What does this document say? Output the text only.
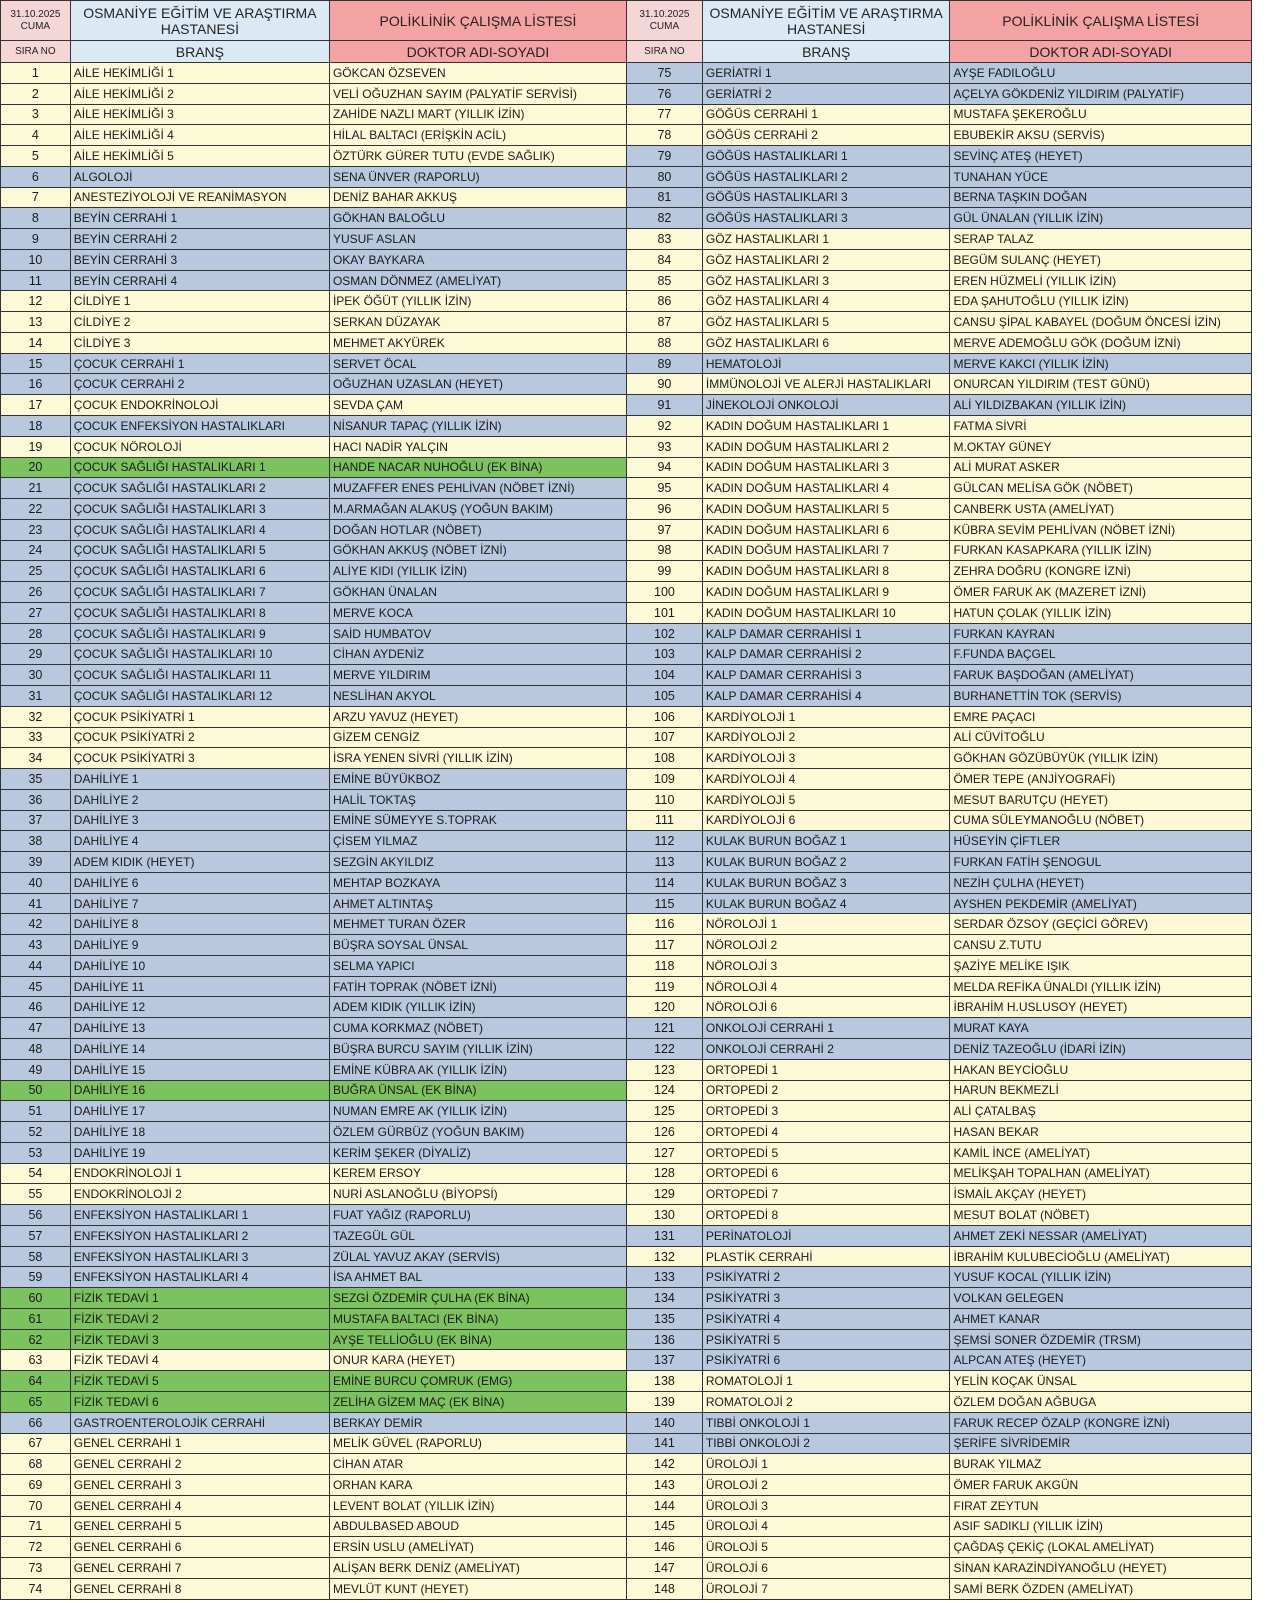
31.10.2025
CUMA
OSMANİYE EĞİTİM VE ARAŞTIRMA HASTANESİ	POLİKLİNİK ÇALIŞMA LİSTESİ
SIRA NO	BRANŞ	DOKTOR ADI-SOYADI
1	AİLE HEKİMLİĞİ 1	GÖKCAN ÖZSEVEN
2	AİLE HEKİMLİĞİ 2	VELİ OĞUZHAN SAYIM (PALYATİF SERVİSİ)
3	AİLE HEKİMLİĞİ 3	ZAHİDE NAZLI MART (YILLIK İZİN)
4	AİLE HEKİMLİĞİ 4	HİLAL BALTACI (ERİŞKİN ACİL)
5	AİLE HEKİMLİĞİ 5	ÖZTÜRK GÜRER TUTU (EVDE SAĞLIK)
6	ALGOLOJİ	SENA ÜNVER (RAPORLU)
7	ANESTEZİYOLOJİ VE REANİMASYON	DENİZ BAHAR AKKUŞ
8	BEYİN CERRAHİ 1	GÖKHAN BALOĞLU
9	BEYİN CERRAHİ 2	YUSUF ASLAN
10	BEYİN CERRAHİ 3	OKAY BAYKARA
11	BEYİN CERRAHİ 4	OSMAN DÖNMEZ (AMELİYAT)
12	CİLDİYE 1	İPEK ÖĞÜT (YILLIK İZİN)
13	CİLDİYE 2	SERKAN DÜZAYAK
14	CİLDİYE 3	MEHMET AKYÜREK
15	ÇOCUK CERRAHİ 1	SERVET ÖCAL
16	ÇOCUK CERRAHİ 2	OĞUZHAN UZASLAN (HEYET)
17	ÇOCUK ENDOKRİNOLOJİ	SEVDA ÇAM
18	ÇOCUK ENFEKSİYON HASTALIKLARI	NİSANUR TAPAÇ (YILLIK İZİN)
19	ÇOCUK NÖROLOJİ	HACI NADİR YALÇIN
20	ÇOCUK SAĞLIĞI HASTALIKLARI 1	HANDE NACAR NUHOĞLU (EK BİNA)
21	ÇOCUK SAĞLIĞI HASTALIKLARI 2	MUZAFFER ENES PEHLİVAN (NÖBET İZNİ)
22	ÇOCUK SAĞLIĞI HASTALIKLARI 3	M.ARMAĞAN ALAKUŞ (YOĞUN BAKIM)
23	ÇOCUK SAĞLIĞI HASTALIKLARI 4	DOĞAN HOTLAR (NÖBET)
24	ÇOCUK SAĞLIĞI HASTALIKLARI 5	GÖKHAN AKKUŞ (NÖBET İZNİ)
25	ÇOCUK SAĞLIĞI HASTALIKLARI 6	ALİYE KIDI (YILLIK İZİN)
26	ÇOCUK SAĞLIĞI HASTALIKLARI 7	GÖKHAN ÜNALAN
27	ÇOCUK SAĞLIĞI HASTALIKLARI 8	MERVE KOCA
28	ÇOCUK SAĞLIĞI HASTALIKLARI 9	SAİD HUMBATOV
29	ÇOCUK SAĞLIĞI HASTALIKLARI 10	CİHAN AYDENİZ
30	ÇOCUK SAĞLIĞI HASTALIKLARI 11	MERVE YILDIRIM
31	ÇOCUK SAĞLIĞI HASTALIKLARI 12	NESLİHAN AKYOL
32	ÇOCUK PSİKİYATRİ 1	ARZU YAVUZ (HEYET)
33	ÇOCUK PSİKİYATRİ 2	GİZEM CENGİZ
34	ÇOCUK PSİKİYATRİ 3	İSRA YENEN SİVRİ (YILLIK İZİN)
35	DAHİLİYE 1	EMİNE BÜYÜKBOZ
36	DAHİLİYE 2	HALİL TOKTAŞ
37	DAHİLİYE 3	EMİNE SÜMEYYE S.TOPRAK
38	DAHİLİYE 4	ÇİSEM YILMAZ
39	ADEM KIDIK (HEYET)	SEZGİN AKYILDIZ
40	DAHİLİYE 6	MEHTAP BOZKAYA
41	DAHİLİYE 7	AHMET ALTINTAŞ
42	DAHİLİYE 8	MEHMET TURAN ÖZER
43	DAHİLİYE 9	BÜŞRA SOYSAL ÜNSAL
44	DAHİLİYE 10	SELMA YAPICI
45	DAHİLİYE 11	FATİH TOPRAK (NÖBET İZNİ)
46	DAHİLİYE 12	ADEM KIDIK (YILLIK İZİN)
47	DAHİLİYE 13	CUMA KORKMAZ (NÖBET)
48	DAHİLİYE 14	BÜŞRA BURCU SAYIM (YILLIK İZİN)
49	DAHİLİYE 15	EMİNE KÜBRA AK (YILLIK İZİN)
50	DAHİLİYE 16	BUĞRA ÜNSAL (EK BİNA)
51	DAHİLİYE 17	NUMAN EMRE AK (YILLIK İZİN)
52	DAHİLİYE 18	ÖZLEM GÜRBÜZ (YOĞUN BAKIM)
53	DAHİLİYE 19	KERİM ŞEKER (DİYALİZ)
54	ENDOKRİNOLOJİ 1	KEREM ERSOY
55	ENDOKRİNOLOJİ 2	NURİ ASLANOĞLU (BİYOPSİ)
56	ENFEKSİYON HASTALIKLARI 1	FUAT YAĞIZ (RAPORLU)
57	ENFEKSİYON HASTALIKLARI 2	TAZEGÜL GÜL
58	ENFEKSİYON HASTALIKLARI 3	ZÜLAL YAVUZ AKAY (SERVİS)
59	ENFEKSİYON HASTALIKLARI 4	İSA AHMET BAL
60	FİZİK TEDAVİ 1	SEZGİ ÖZDEMİR ÇULHA (EK BİNA)
61	FİZİK TEDAVİ 2	MUSTAFA BALTACI (EK BİNA)
62	FİZİK TEDAVİ 3	AYŞE TELLİOĞLU (EK BİNA)
63	FİZİK TEDAVİ 4	ONUR KARA (HEYET)
64	FİZİK TEDAVİ 5	EMİNE BURCU ÇOMRUK (EMG)
65	FİZİK TEDAVİ 6	ZELİHA GİZEM MAÇ (EK BİNA)
66	GASTROENTEROLOJİK CERRAHİ	BERKAY DEMİR
67	GENEL CERRAHİ 1	MELİK GÜVEL (RAPORLU)
68	GENEL CERRAHİ 2	CİHAN ATAR
69	GENEL CERRAHİ 3	ORHAN KARA
70	GENEL CERRAHİ 4	LEVENT BOLAT (YILLIK İZİN)
71	GENEL CERRAHİ 5	ABDULBASED ABOUD
72	GENEL CERRAHİ 6	ERSİN USLU (AMELİYAT)
73	GENEL CERRAHİ 7	ALİŞAN BERK DENİZ (AMELİYAT)
74	GENEL CERRAHİ 8	MEVLÜT KUNT (HEYET)
31.10.2025
CUMA
OSMANİYE EĞİTİM VE ARAŞTIRMA HASTANESİ	POLİKLİNİK ÇALIŞMA LİSTESİ
SIRA NO	BRANŞ	DOKTOR ADI-SOYADI
75	GERİATRİ 1	AYŞE FADILOĞLU
76	GERİATRİ 2	AÇELYA GÖKDENİZ YILDIRIM (PALYATİF)
77	GÖĞÜS CERRAHİ 1	MUSTAFA ŞEKEROĞLU
78	GÖĞÜS CERRAHİ 2	EBUBEKİR AKSU (SERVİS)
79	GÖĞÜS HASTALIKLARI 1	SEVİNÇ ATEŞ (HEYET)
80	GÖĞÜS HASTALIKLARI 2	TUNAHAN YÜCE
81	GÖĞÜS HASTALIKLARI 3	BERNA TAŞKIN DOĞAN
82	GÖĞÜS HASTALIKLARI 3	GÜL ÜNALAN (YILLIK İZİN)
83	GÖZ HASTALIKLARI 1	SERAP TALAZ
84	GÖZ HASTALIKLARI 2	BEGÜM SULANÇ (HEYET)
85	GÖZ HASTALIKLARI 3	EREN HÜZMELİ (YILLIK İZİN)
86	GÖZ HASTALIKLARI 4	EDA ŞAHUTOĞLU (YILLIK İZİN)
87	GÖZ HASTALIKLARI 5	CANSU ŞİPAL KABAYEL (DOĞUM ÖNCESİ İZİN)
88	GÖZ HASTALIKLARI 6	MERVE ADEMOĞLU GÖK (DOĞUM İZNİ)
89	HEMATOLOJİ	MERVE KAKCI (YILLIK İZİN)
90	İMMÜNOLOJİ VE ALERJİ HASTALIKLARI	ONURCAN YILDIRIM (TEST GÜNÜ)
91	JİNEKOLOJİ ONKOLOJİ	ALİ YILDIZBAKAN (YILLIK İZİN)
92	KADIN DOĞUM HASTALIKLARI 1	FATMA SİVRİ
93	KADIN DOĞUM HASTALIKLARI 2	M.OKTAY GÜNEY
94	KADIN DOĞUM HASTALIKLARI 3	ALİ MURAT ASKER
95	KADIN DOĞUM HASTALIKLARI 4	GÜLCAN MELİSA GÖK (NÖBET)
96	KADIN DOĞUM HASTALIKLARI 5	CANBERK USTA (AMELİYAT)
97	KADIN DOĞUM HASTALIKLARI 6	KÜBRA SEVİM PEHLİVAN (NÖBET İZNİ)
98	KADIN DOĞUM HASTALIKLARI 7	FURKAN KASAPKARA (YILLIK İZİN)
99	KADIN DOĞUM HASTALIKLARI 8	ZEHRA DOĞRU (KONGRE İZNİ)
100	KADIN DOĞUM HASTALIKLARI 9	ÖMER FARUK AK (MAZERET İZNİ)
101	KADIN DOĞUM HASTALIKLARI 10	HATUN ÇOLAK (YILLIK İZİN)
102	KALP DAMAR CERRAHİSİ 1	FURKAN KAYRAN
103	KALP DAMAR CERRAHİSİ 2	F.FUNDA BAÇGEL
104	KALP DAMAR CERRAHİSİ 3	FARUK BAŞDOĞAN (AMELİYAT)
105	KALP DAMAR CERRAHİSİ 4	BURHANETTİN TOK (SERVİS)
106	KARDİYOLOJİ 1	EMRE PAÇACI
107	KARDİYOLOJİ 2	ALİ CÜVİTOĞLU
108	KARDİYOLOJİ 3	GÖKHAN GÖZÜBÜYÜK (YILLIK İZİN)
109	KARDİYOLOJİ 4	ÖMER TEPE (ANJİYOGRAFİ)
110	KARDİYOLOJİ 5	MESUT BARUTÇU (HEYET)
111	KARDİYOLOJİ 6	CUMA SÜLEYMANOĞLU (NÖBET)
112	KULAK BURUN BOĞAZ 1	HÜSEYİN ÇİFTLER
113	KULAK BURUN BOĞAZ 2	FURKAN FATİH ŞENOGUL
114	KULAK BURUN BOĞAZ 3	NEZİH ÇULHA (HEYET)
115	KULAK BURUN BOĞAZ 4	AYSHEN PEKDEMİR (AMELİYAT)
116	NÖROLOJİ 1	SERDAR ÖZSOY (GEÇİCİ GÖREV)
117	NÖROLOJİ 2	CANSU Z.TUTU
118	NÖROLOJİ 3	ŞAZİYE MELİKE IŞIK
119	NÖROLOJİ 4	MELDA REFİKA ÜNALDI (YILLIK İZİN)
120	NÖROLOJİ 6	İBRAHİM H.USLUSOY (HEYET)
121	ONKOLOJİ CERRAHİ 1	MURAT KAYA
122	ONKOLOJİ CERRAHİ 2	DENİZ TAZEOĞLU (İDARİ İZİN)
123	ORTOPEDİ 1	HAKAN BEYCİOĞLU
124	ORTOPEDİ 2	HARUN BEKMEZLİ
125	ORTOPEDİ 3	ALİ ÇATALBAŞ
126	ORTOPEDİ 4	HASAN BEKAR
127	ORTOPEDİ 5	KAMİL İNCE (AMELİYAT)
128	ORTOPEDİ 6	MELİKŞAH TOPALHAN (AMELİYAT)
129	ORTOPEDİ 7	İSMAİL AKÇAY (HEYET)
130	ORTOPEDİ 8	MESUT BOLAT (NÖBET)
131	PERİNATOLOJİ	AHMET ZEKİ NESSAR (AMELİYAT)
132	PLASTİK CERRAHİ	İBRAHİM KULUBECİOĞLU (AMELİYAT)
133	PSİKİYATRİ 2	YUSUF KOCAL (YILLIK İZİN)
134	PSİKİYATRİ 3	VOLKAN GELEGEN
135	PSİKİYATRİ 4	AHMET KANAR
136	PSİKİYATRİ 5	ŞEMSİ SONER ÖZDEMİR (TRSM)
137	PSİKİYATRİ 6	ALPCAN ATEŞ (HEYET)
138	ROMATOLOJİ 1	YELİN KOÇAK ÜNSAL
139	ROMATOLOJİ 2	ÖZLEM DOĞAN AĞBUGA
140	TIBBİ ONKOLOJİ 1	FARUK RECEP ÖZALP (KONGRE İZNİ)
141	TIBBİ ONKOLOJİ 2	ŞERİFE SİVRİDEMİR
142	ÜROLOJİ 1	BURAK YILMAZ
143	ÜROLOJİ 2	ÖMER FARUK AKGÜN
144	ÜROLOJİ 3	FIRAT ZEYTUN
145	ÜROLOJİ 4	ASIF SADIKLI (YILLIK İZİN)
146	ÜROLOJİ 5	ÇAĞDAŞ ÇEKİÇ (LOKAL AMELİYAT)
147	ÜROLOJİ 6	SİNAN KARAZİNDİYANOĞLU (HEYET)
148	ÜROLOJİ 7	SAMİ BERK ÖZDEN (AMELİYAT)
